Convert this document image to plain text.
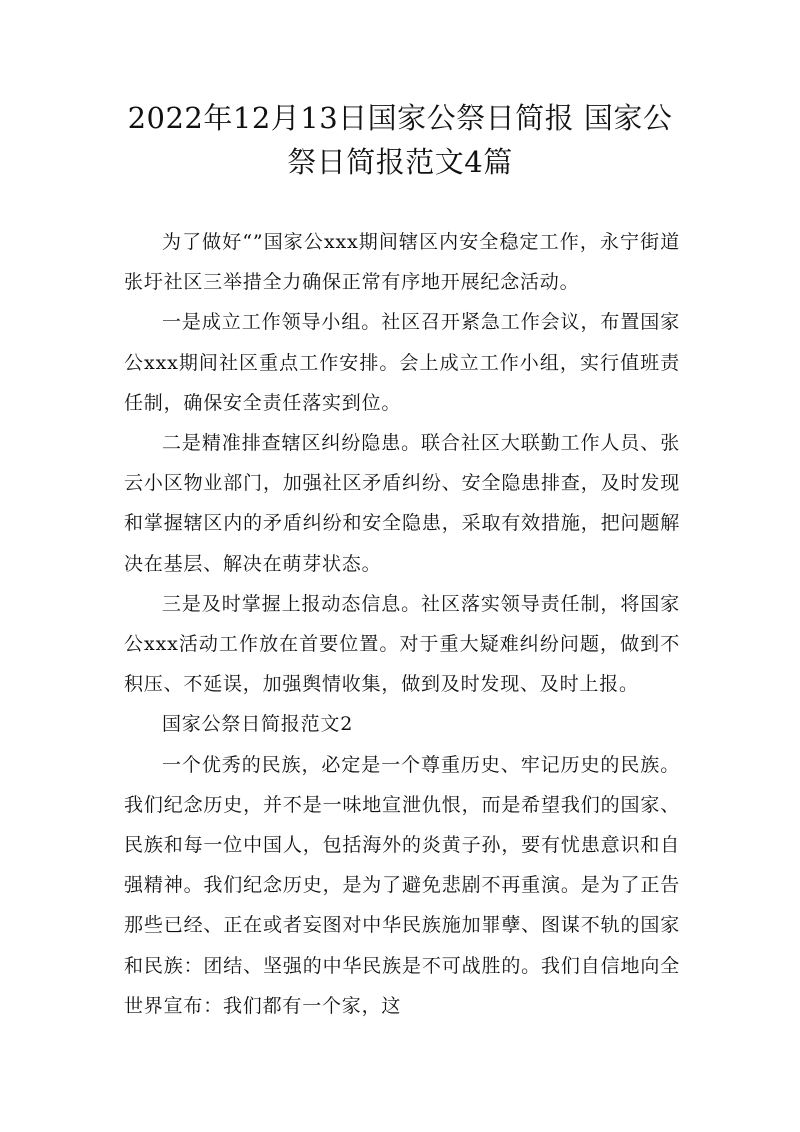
2022年12月13日国家公祭日简报 国家公
祭日简报范文4篇

为了做好“”国家公xxx期间辖区内安全稳定工作，永宁街道张圩社区三举措全力确保正常有序地开展纪念活动。

一是成立工作领导小组。社区召开紧急工作会议，布置国家公xxx期间社区重点工作安排。会上成立工作小组，实行值班责任制，确保安全责任落实到位。

二是精准排查辖区纠纷隐患。联合社区大联勤工作人员、张云小区物业部门，加强社区矛盾纠纷、安全隐患排查，及时发现和掌握辖区内的矛盾纠纷和安全隐患，采取有效措施，把问题解决在基层、解决在萌芽状态。

三是及时掌握上报动态信息。社区落实领导责任制，将国家公xxx活动工作放在首要位置。对于重大疑难纠纷问题，做到不积压、不延误，加强舆情收集，做到及时发现、及时上报。

国家公祭日简报范文2

一个优秀的民族，必定是一个尊重历史、牢记历史的民族。我们纪念历史，并不是一味地宣泄仇恨，而是希望我们的国家、民族和每一位中国人，包括海外的炎黄子孙，要有忧患意识和自强精神。我们纪念历史，是为了避免悲剧不再重演。是为了正告那些已经、正在或者妄图对中华民族施加罪孽、图谋不轨的国家和民族：团结、坚强的中华民族是不可战胜的。我们自信地向全世界宣布：我们都有一个家，这
